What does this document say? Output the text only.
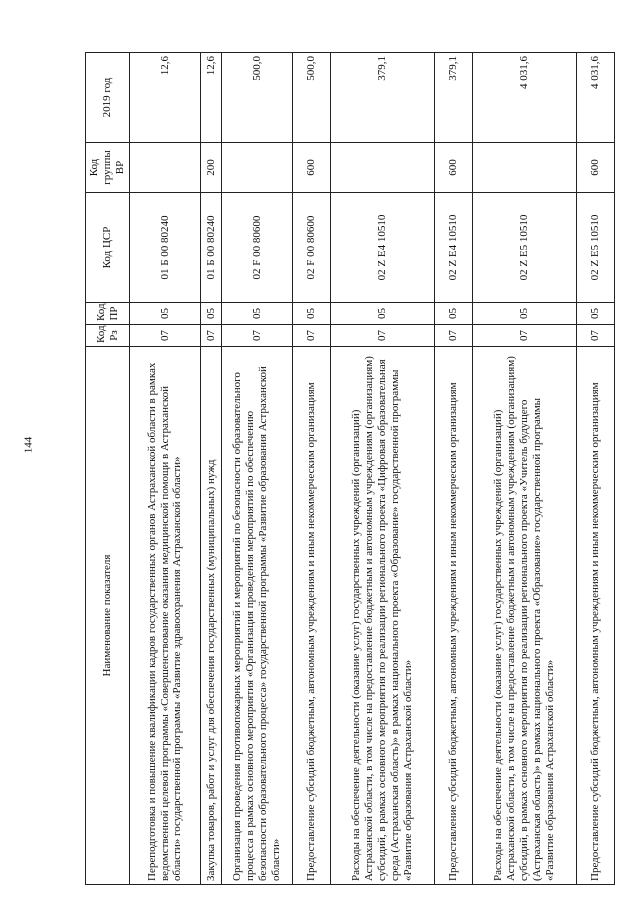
144
Наименование показателя	Код Рз	Код ПР	Код ЦСР	Код группы ВР	2019 год
Переподготовка и повышение квалификации кадров государственных органов Астраханской области в рамках ведомственной целевой программы «Совершенствование оказания медицинской помощи в Астраханской области» государственной программы «Развитие здравоохранения Астраханской области»	07	05	01 Б 00 80240		12,6
Закупка товаров, работ и услуг для обеспечения государственных (муниципальных) нужд	07	05	01 Б 00 80240	200	12,6
Организация проведения противопожарных мероприятий и мероприятий по безопасности образовательного процесса в рамках основного мероприятия «Организация проведения мероприятий по обеспечению безопасности образовательного процесса» государственной программы «Развитие образования Астраханской области»	07	05	02 F 00 80600		500,0
Предоставление субсидий бюджетным, автономным учреждениям и иным некоммерческим организациям	07	05	02 F 00 80600	600	500,0
Расходы на обеспечение деятельности (оказание услуг) государственных учреждений (организаций) Астраханской области, в том числе на предоставление бюджетным и автономным учреждениям (организациям) субсидий, в рамках основного мероприятия по реализации регионального проекта «Цифровая образовательная среда (Астраханская область)» в рамках национального проекта «Образование» государственной программы «Развитие образования Астраханской области»	07	05	02 Z E4 10510		379,1
Предоставление субсидий бюджетным, автономным учреждениям и иным некоммерческим организациям	07	05	02 Z E4 10510	600	379,1
Расходы на обеспечение деятельности (оказание услуг) государственных учреждений (организаций) Астраханской области, в том числе на предоставление бюджетным и автономным учреждениям (организациям) субсидий, в рамках основного мероприятия по реализации регионального проекта «Учитель будущего (Астраханская область)» в рамках национального проекта «Образование» государственной программы «Развитие образования Астраханской области»	07	05	02 Z E5 10510		4 031,6
Предоставление субсидий бюджетным, автономным учреждениям и иным некоммерческим организациям	07	05	02 Z E5 10510	600	4 031,6
